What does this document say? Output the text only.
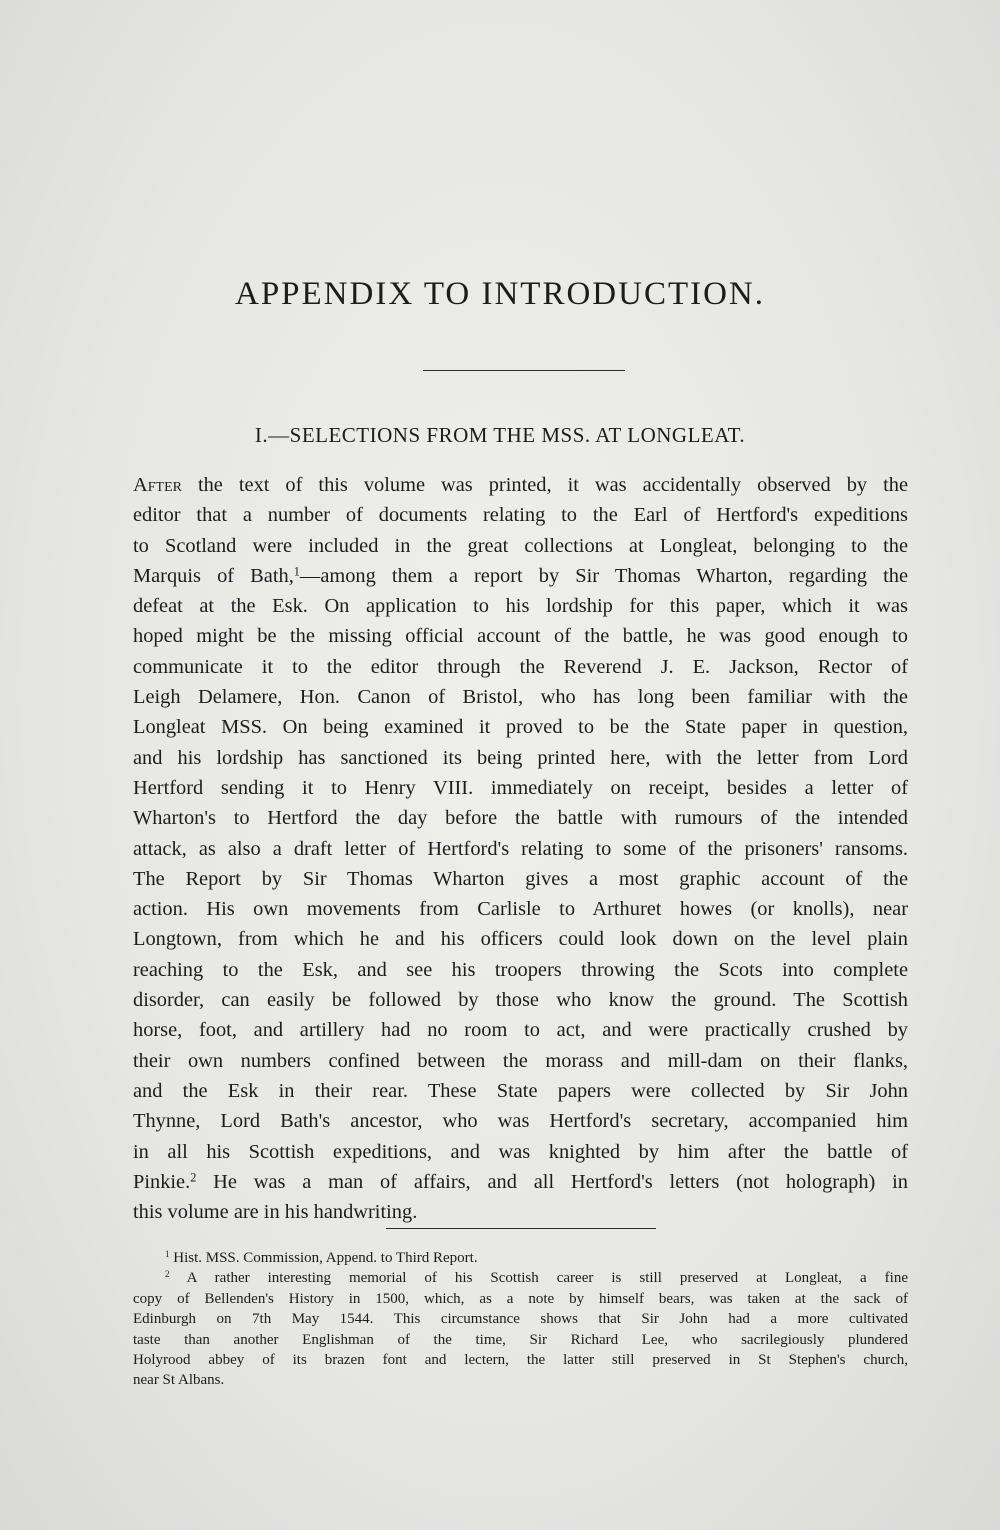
APPENDIX TO INTRODUCTION.
I.—SELECTIONS FROM THE MSS. AT LONGLEAT.
After the text of this volume was printed, it was accidentally observed by the
editor that a number of documents relating to the Earl of Hertford's expeditions
to Scotland were included in the great collections at Longleat, belonging to the
Marquis of Bath,$^1$—among them a report by Sir Thomas Wharton, regarding the
defeat at the Esk. On application to his lordship for this paper, which it was
hoped might be the missing official account of the battle, he was good enough to
communicate it to the editor through the Reverend J. E. Jackson, Rector of
Leigh Delamere, Hon. Canon of Bristol, who has long been familiar with the
Longleat MSS. On being examined it proved to be the State paper in question,
and his lordship has sanctioned its being printed here, with the letter from Lord
Hertford sending it to Henry VIII. immediately on receipt, besides a letter of
Wharton's to Hertford the day before the battle with rumours of the intended
attack, as also a draft letter of Hertford's relating to some of the prisoners' ransoms.
The Report by Sir Thomas Wharton gives a most graphic account of the
action. His own movements from Carlisle to Arthuret howes (or knolls), near
Longtown, from which he and his officers could look down on the level plain
reaching to the Esk, and see his troopers throwing the Scots into complete
disorder, can easily be followed by those who know the ground. The Scottish
horse, foot, and artillery had no room to act, and were practically crushed by
their own numbers confined between the morass and mill-dam on their flanks,
and the Esk in their rear. These State papers were collected by Sir John
Thynne, Lord Bath's ancestor, who was Hertford's secretary, accompanied him
in all his Scottish expeditions, and was knighted by him after the battle of
Pinkie.$^2$ He was a man of affairs, and all Hertford's letters (not holograph) in
this volume are in his handwriting.
$^1$ Hist. MSS. Commission, Append. to Third Report.
$^2$ A rather interesting memorial of his Scottish career is still preserved at Longleat, a fine
copy of Bellenden's History in 1500, which, as a note by himself bears, was taken at the sack of
Edinburgh on 7th May 1544. This circumstance shows that Sir John had a more cultivated
taste than another Englishman of the time, Sir Richard Lee, who sacrilegiously plundered
Holyrood abbey of its brazen font and lectern, the latter still preserved in St Stephen's church,
near St Albans.
